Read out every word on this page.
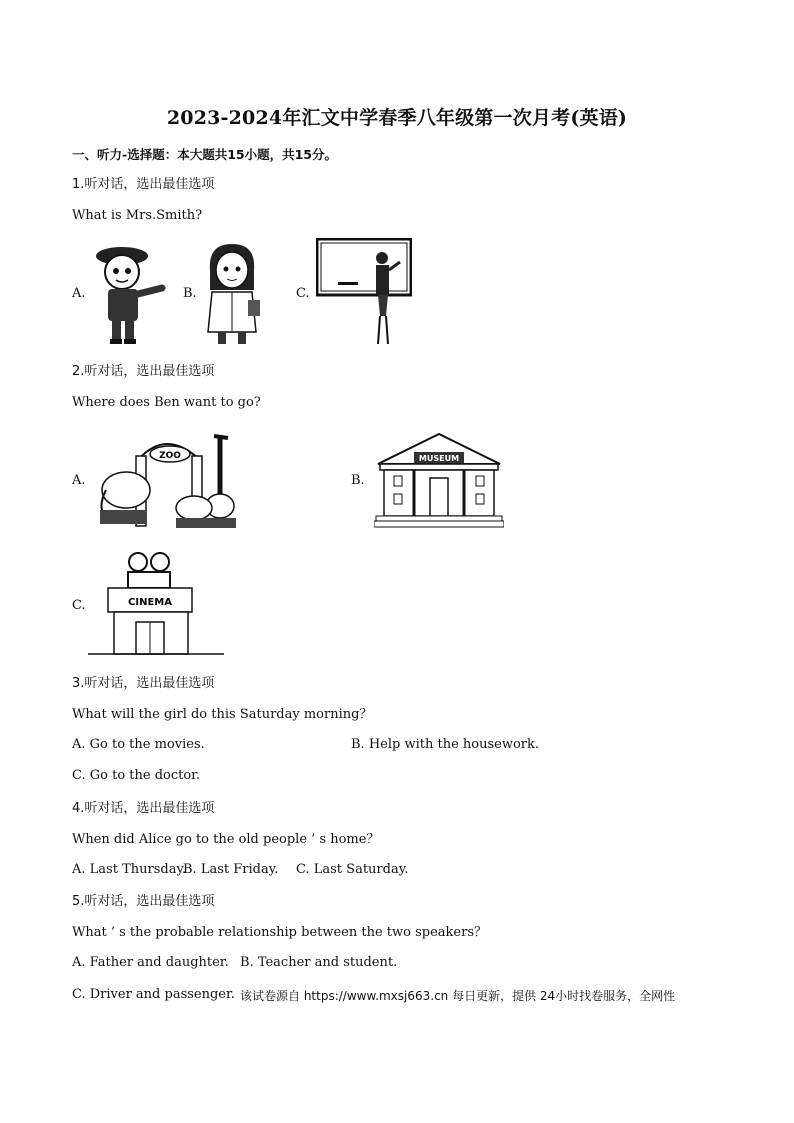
2023-2024年汇文中学春季八年级第一次月考(英语)
一、听力-选择题：本大题共15小题，共15分。
1.听对话，选出最佳选项
What is Mrs.Smith?
A.	B.	C.
2.听对话，选出最佳选项
Where does Ben want to go?
A.
ZOO
B.
MUSEUM
C.	CINEMA
3.听对话，选出最佳选项
What will the girl do this Saturday morning？
A. Go to the movies.	B. Help with the housework.
C. Go to the doctor.
4.听对话，选出最佳选项
When did Alice go to the old people ’ s home？
A. Last Thursday.
B. Last Friday. C. Last Saturday.
5.听对话，选出最佳选项
What ’ s the probable relationship between the two speakers？
A. Father and daughter. B. Teacher and student.
C. Driver and passenger. 该试卷源自 https://www.mxsj663.cn 每日更新，提供 24小时找卷服务，全网性
